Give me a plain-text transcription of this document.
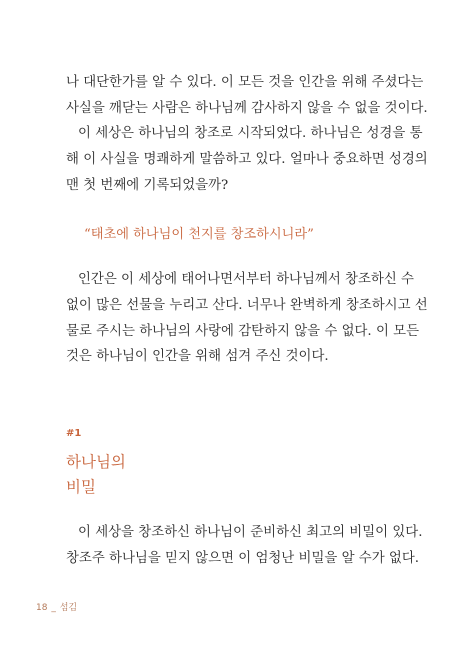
나 대단한가를 알 수 있다. 이 모든 것을 인간을 위해 주셨다는
사실을 깨닫는 사람은 하나님께 감사하지 않을 수 없을 것이다.
이 세상은 하나님의 창조로 시작되었다. 하나님은 성경을 통
해 이 사실을 명쾌하게 말씀하고 있다. 얼마나 중요하면 성경의
맨 첫 번째에 기록되었을까?
“태초에 하나님이 천지를 창조하시니라”
인간은 이 세상에 태어나면서부터 하나님께서 창조하신 수
없이 많은 선물을 누리고 산다. 너무나 완벽하게 창조하시고 선
물로 주시는 하나님의 사랑에 감탄하지 않을 수 없다. 이 모든
것은 하나님이 인간을 위해 섬겨 주신 것이다.
#1
하나님의
비밀
이 세상을 창조하신 하나님이 준비하신 최고의 비밀이 있다.
창조주 하나님을 믿지 않으면 이 엄청난 비밀을 알 수가 없다.
18 _ 섬김
